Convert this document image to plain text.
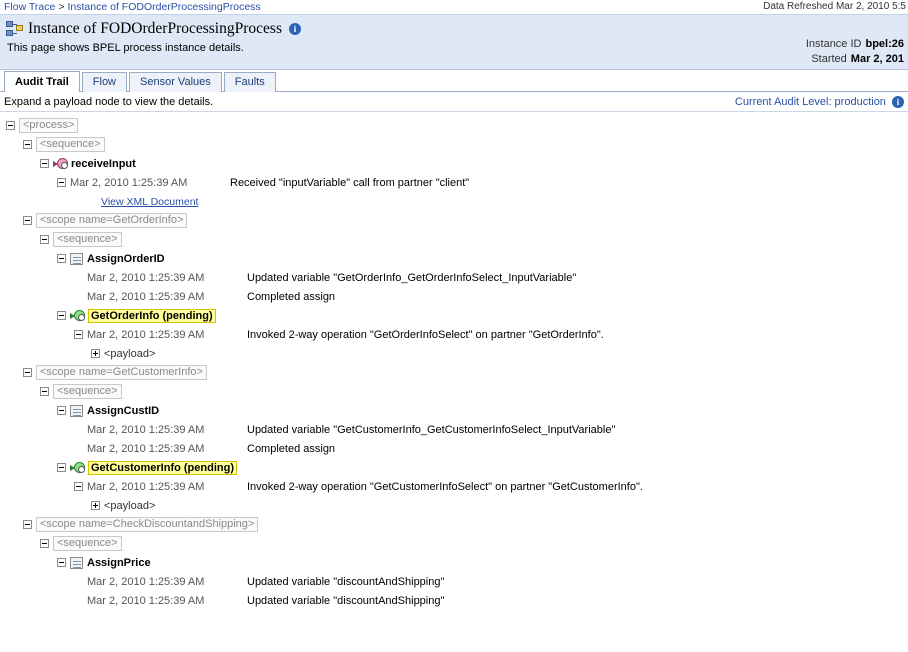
Flow Trace > Instance of FODOrderProcessingProcess	Data Refreshed Mar 2, 2010 5:5
Instance of FODOrderProcessingProcess	i
This page shows BPEL process instance details.	Instance ID bpel:26
Started Mar 2, 201
Audit Trail	Flow	Sensor Values	Faults
Expand a payload node to view the details.	Current Audit Level: production i
<process>
<sequence>
receiveInput
Mar 2, 2010 1:25:39 AM	Received "inputVariable" call from partner "client"
View XML Document
<scope name=GetOrderInfo>
<sequence>
AssignOrderID
Mar 2, 2010 1:25:39 AM	Updated variable "GetOrderInfo_GetOrderInfoSelect_InputVariable"
Mar 2, 2010 1:25:39 AM	Completed assign
GetOrderInfo (pending)
Mar 2, 2010 1:25:39 AM	Invoked 2-way operation "GetOrderInfoSelect" on partner "GetOrderInfo".
<payload>
<scope name=GetCustomerInfo>
<sequence>
AssignCustID
Mar 2, 2010 1:25:39 AM	Updated variable "GetCustomerInfo_GetCustomerInfoSelect_InputVariable"
Mar 2, 2010 1:25:39 AM	Completed assign
GetCustomerInfo (pending)
Mar 2, 2010 1:25:39 AM	Invoked 2-way operation "GetCustomerInfoSelect" on partner "GetCustomerInfo".
<payload>
<scope name=CheckDiscountandShipping>
<sequence>
AssignPrice
Mar 2, 2010 1:25:39 AM	Updated variable "discountAndShipping"
Mar 2, 2010 1:25:39 AM	Updated variable "discountAndShipping"
